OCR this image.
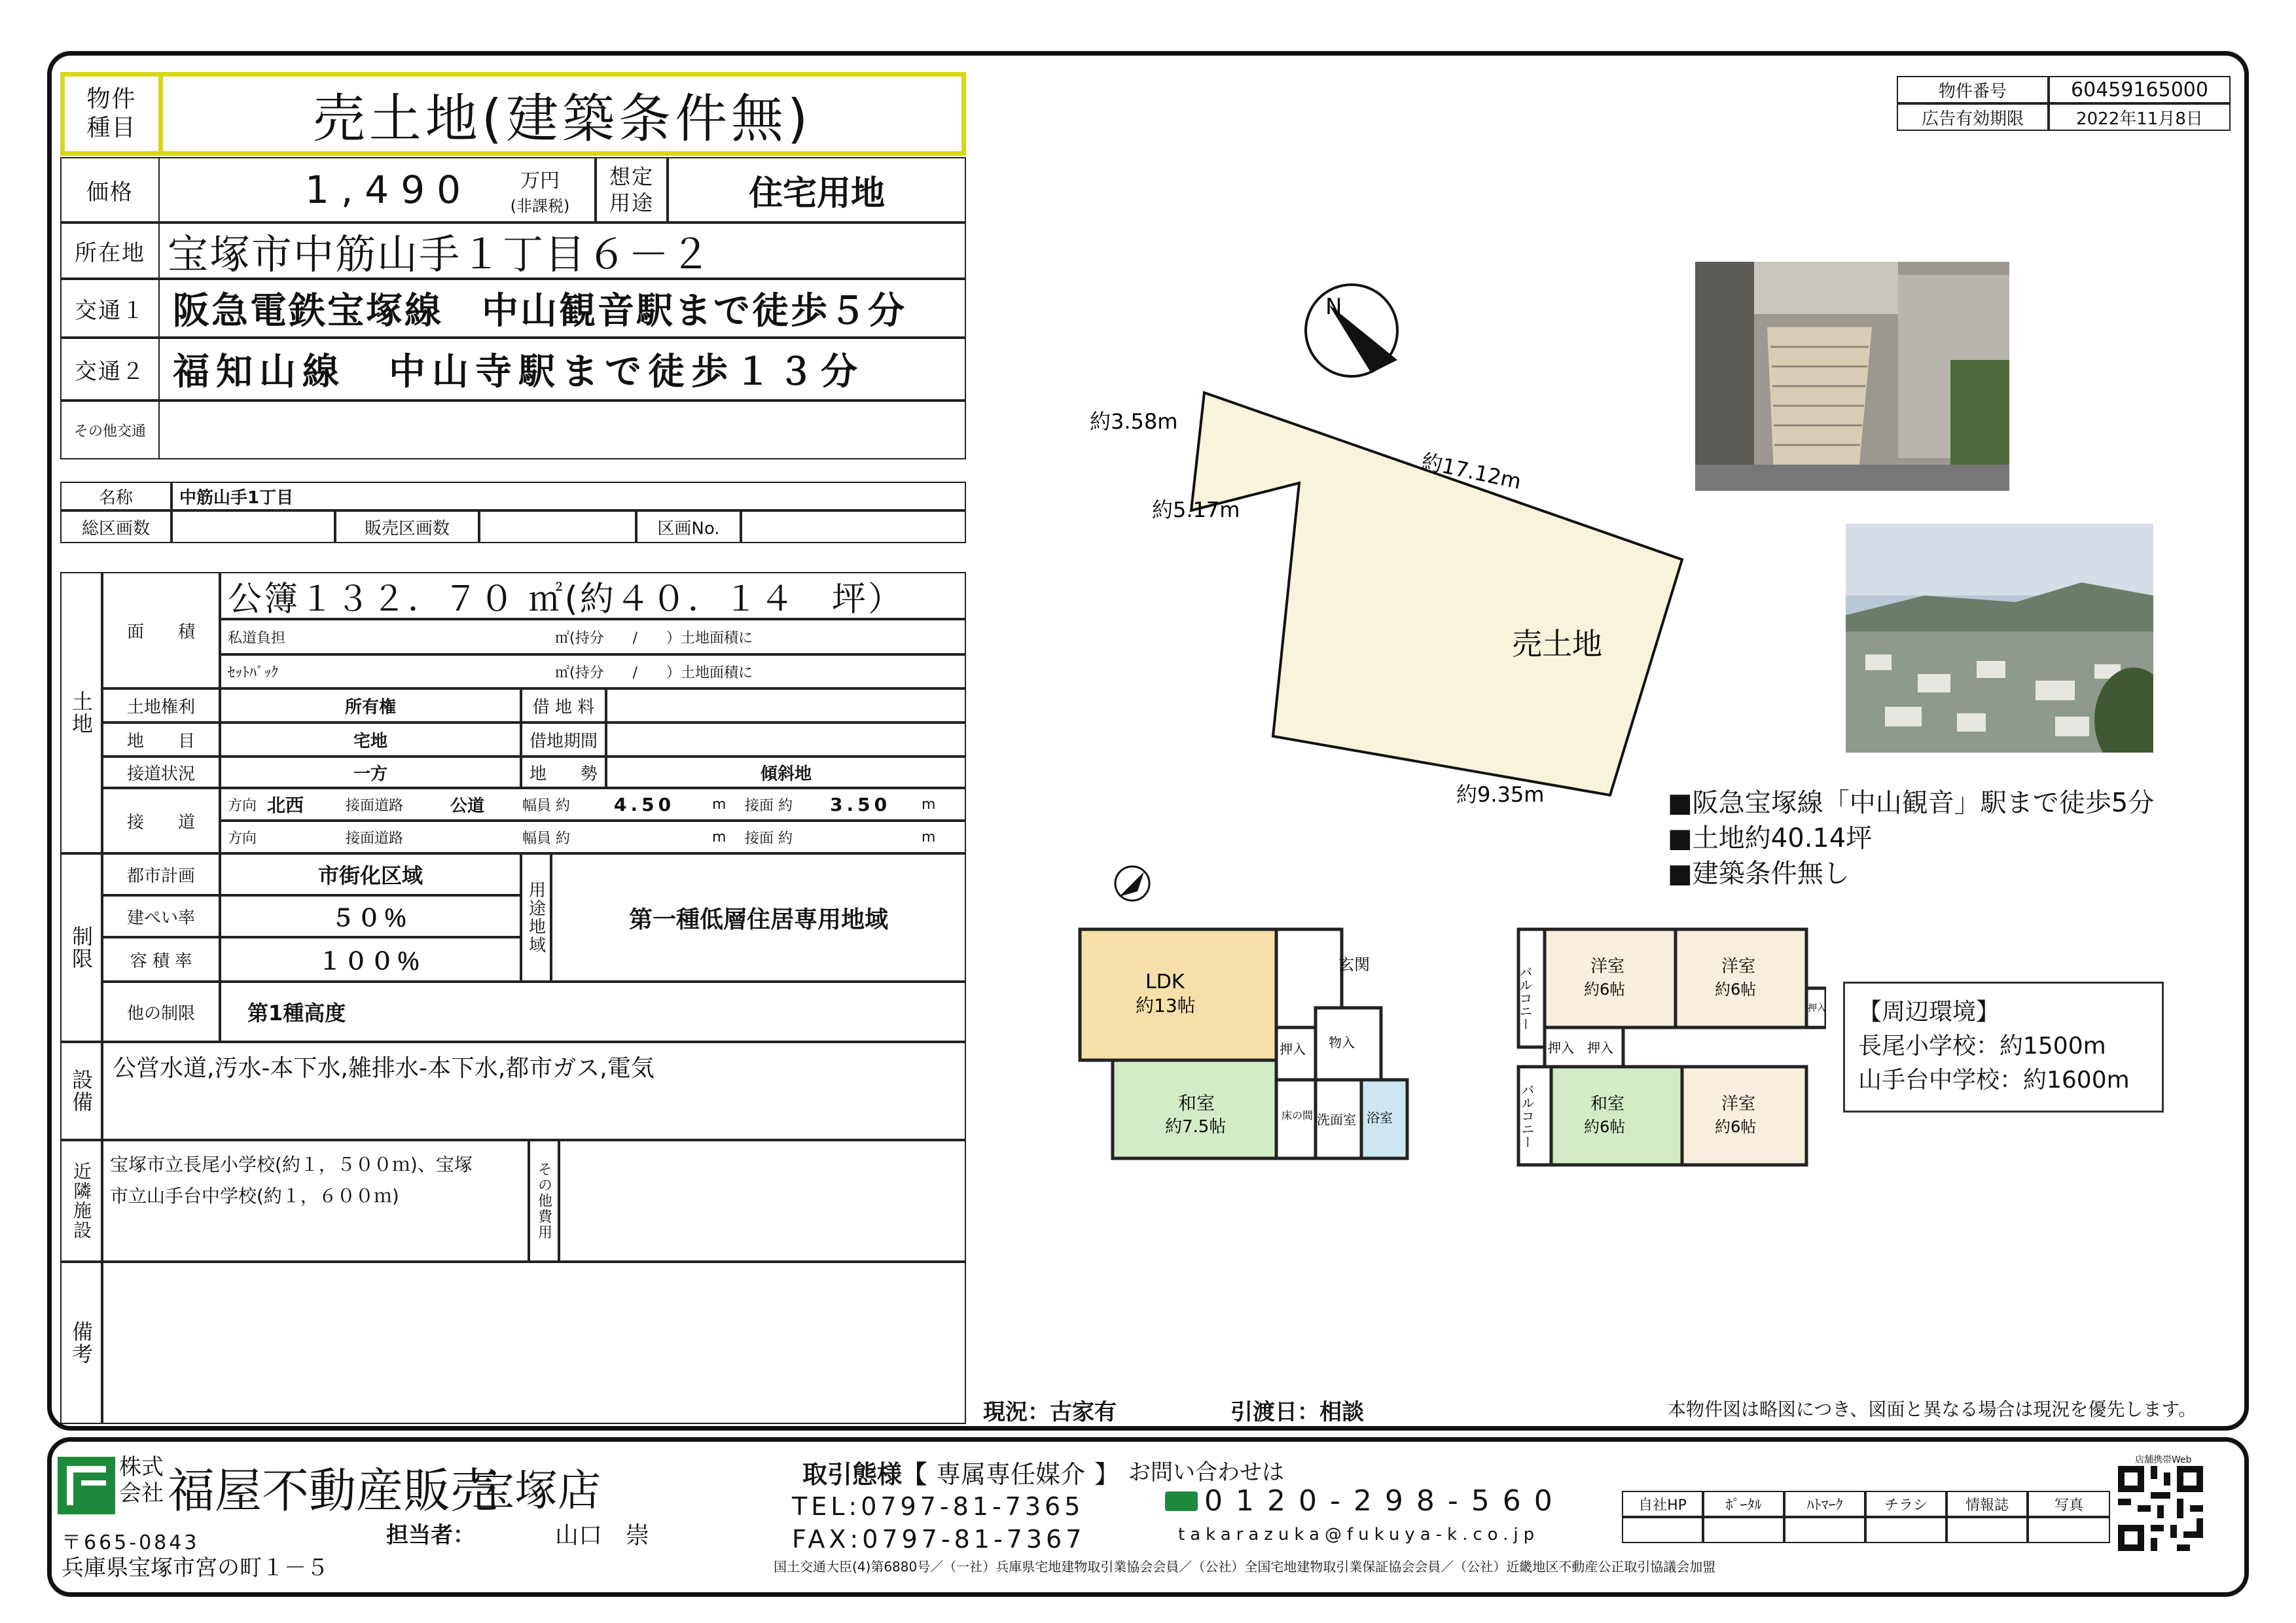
物件種目	売土地(建築条件無)
価格	1,490	万円
(非課税)
想定用途	住宅用地
所在地 宝塚市中筋山手１丁目６－２
交通１ 阪急電鉄宝塚線　中山観音駅まで徒歩５分
交通２ 福知山線　中山寺駅まで徒歩１３分
その他交通
名称	中筋山手1丁目
総区画数	販売区画数	区画No.
土地
面　　積
公簿１３２．７０ ㎡(約４０．１４　坪）
私道負担	㎡(持分　　/　　）土地面積に
ｾｯﾄﾊﾞｯｸ	㎡(持分　　/　　）土地面積に
土地権利	所有権	借 地 料
地　　目	宅地	借地期間
接道状況	一方	地　　勢	傾斜地
接　　道
方向 北西	接面道路	公道	幅員 約	4.50	m	接面 約	3.50	m
方向	接面道路	幅員 約	m	接面 約	m
制限
都市計画	市街化区域
用途地域	第一種低層住居専用地域
建ぺい率	５０％
容 積 率	１００％
他の制限	第1種高度
設備
公営水道,汚水-本下水,雑排水-本下水,都市ガス,電気
近隣施設 宝塚市立長尾小学校(約１，５００ｍ)、宝塚
市立山手台中学校(約１，６００ｍ)	その他費用
備考
物件番号	60459165000
広告有効期限	2022年11月8日
N
売土地
約3.58m
約17.12m
約5.17m
約9.35m	■阪急宝塚線「中山観音」駅まで徒歩5分
■土地約40.14坪
■建築条件無し
【周辺環境】
長尾小学校：約1500m
山手台中学校：約1600m
LDK
約13帖
玄関
物入
押入
和室
約7.5帖
床の間 洗面室 浴室
バルコニー	洋室
約6帖
洋室
約6帖
押入 押入
押入
バルコニー	和室
約6帖
洋室
約6帖
現況：古家有	引渡日：相談	本物件図は略図につき、図面と異なる場合は現況を優先します。
株式会社 福屋不動産販売
宝塚店
〒665-0843
兵庫県宝塚市宮の町１－５
担当者：	山口　崇
取引態様【 専属専任媒介 】 お問い合わせは
TEL:0797-81-7365	0120-298-560
FAX:0797-81-7367	takarazuka@fukuya-k.co.jp
国土交通大臣(4)第6880号／（一社）兵庫県宅地建物取引業協会会員／（公社）全国宅地建物取引業保証協会会員／（公社）近畿地区不動産公正取引協議会加盟
自社HP	ﾎﾟｰﾀﾙ	ﾊﾄﾏｰｸ	チラシ	情報誌	写真
店舗携帯Web
